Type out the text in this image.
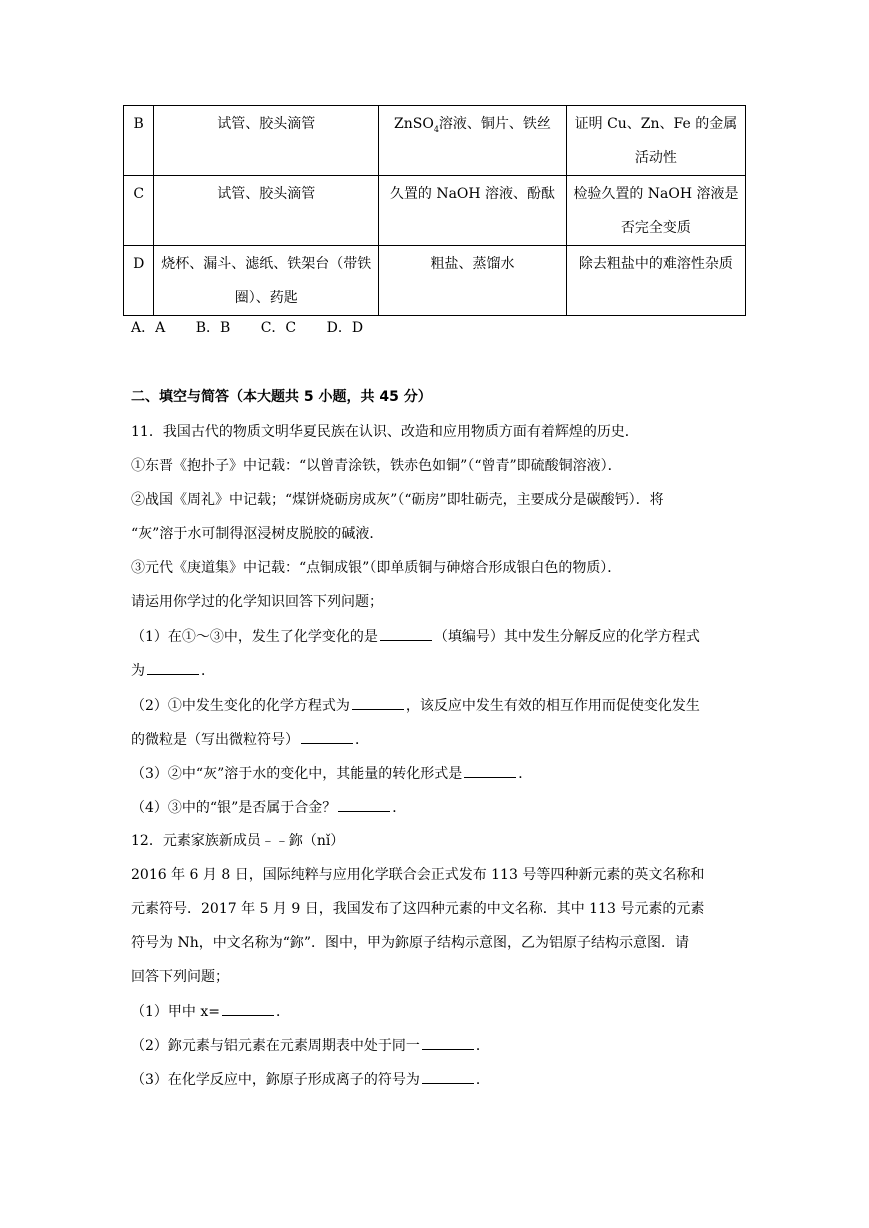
B	试管、胶头滴管	ZnSO$_4$溶液、铜片、铁丝	证明 Cu、Zn、Fe 的金属活动性
C	试管、胶头滴管	久置的 NaOH 溶液、酚酞	检验久置的 NaOH 溶液是否完全变质
D	烧杯、漏斗、滤纸、铁架台（带铁圈）、药匙	粗盐、蒸馏水	除去粗盐中的难溶性杂质
A．A B．B C．C D．D
二、填空与简答（本大题共 5 小题，共 45 分）
11．我国古代的物质文明华夏民族在认识、改造和应用物质方面有着辉煌的历史．
①东晋《抱扑子》中记载：“以曾青涂铁，铁赤色如铜”（“曾青”即硫酸铜溶液）．
②战国《周礼》中记载；“煤饼烧砺房成灰”（“砺房”即牡砺壳，主要成分是碳酸钙）．将
“灰”溶于水可制得沤浸树皮脱胶的碱液．
③元代《庚道集》中记载：“点铜成银”（即单质铜与砷熔合形成银白色的物质）．
请运用你学过的化学知识回答下列问题；
（1）在①～③中，发生了化学变化的是	（填编号）其中发生分解反应的化学方程式
为	．
（2）①中发生变化的化学方程式为	，该反应中发生有效的相互作用而促使变化发生
的微粒是（写出微粒符号）	．
（3）②中“灰”溶于水的变化中，其能量的转化形式是	．
（4）③中的“银”是否属于合金？	．
12．元素家族新成员﹣﹣鉨（nǐ）
2016 年 6 月 8 日，国际纯粹与应用化学联合会正式发布 113 号等四种新元素的英文名称和
元素符号．2017 年 5 月 9 日，我国发布了这四种元素的中文名称．其中 113 号元素的元素
符号为 Nh，中文名称为“鉨”．图中，甲为鉨原子结构示意图，乙为铝原子结构示意图．请
回答下列问题；
（1）甲中 x=	．
（2）鉨元素与铝元素在元素周期表中处于同一	．
（3）在化学反应中，鉨原子形成离子的符号为	．
